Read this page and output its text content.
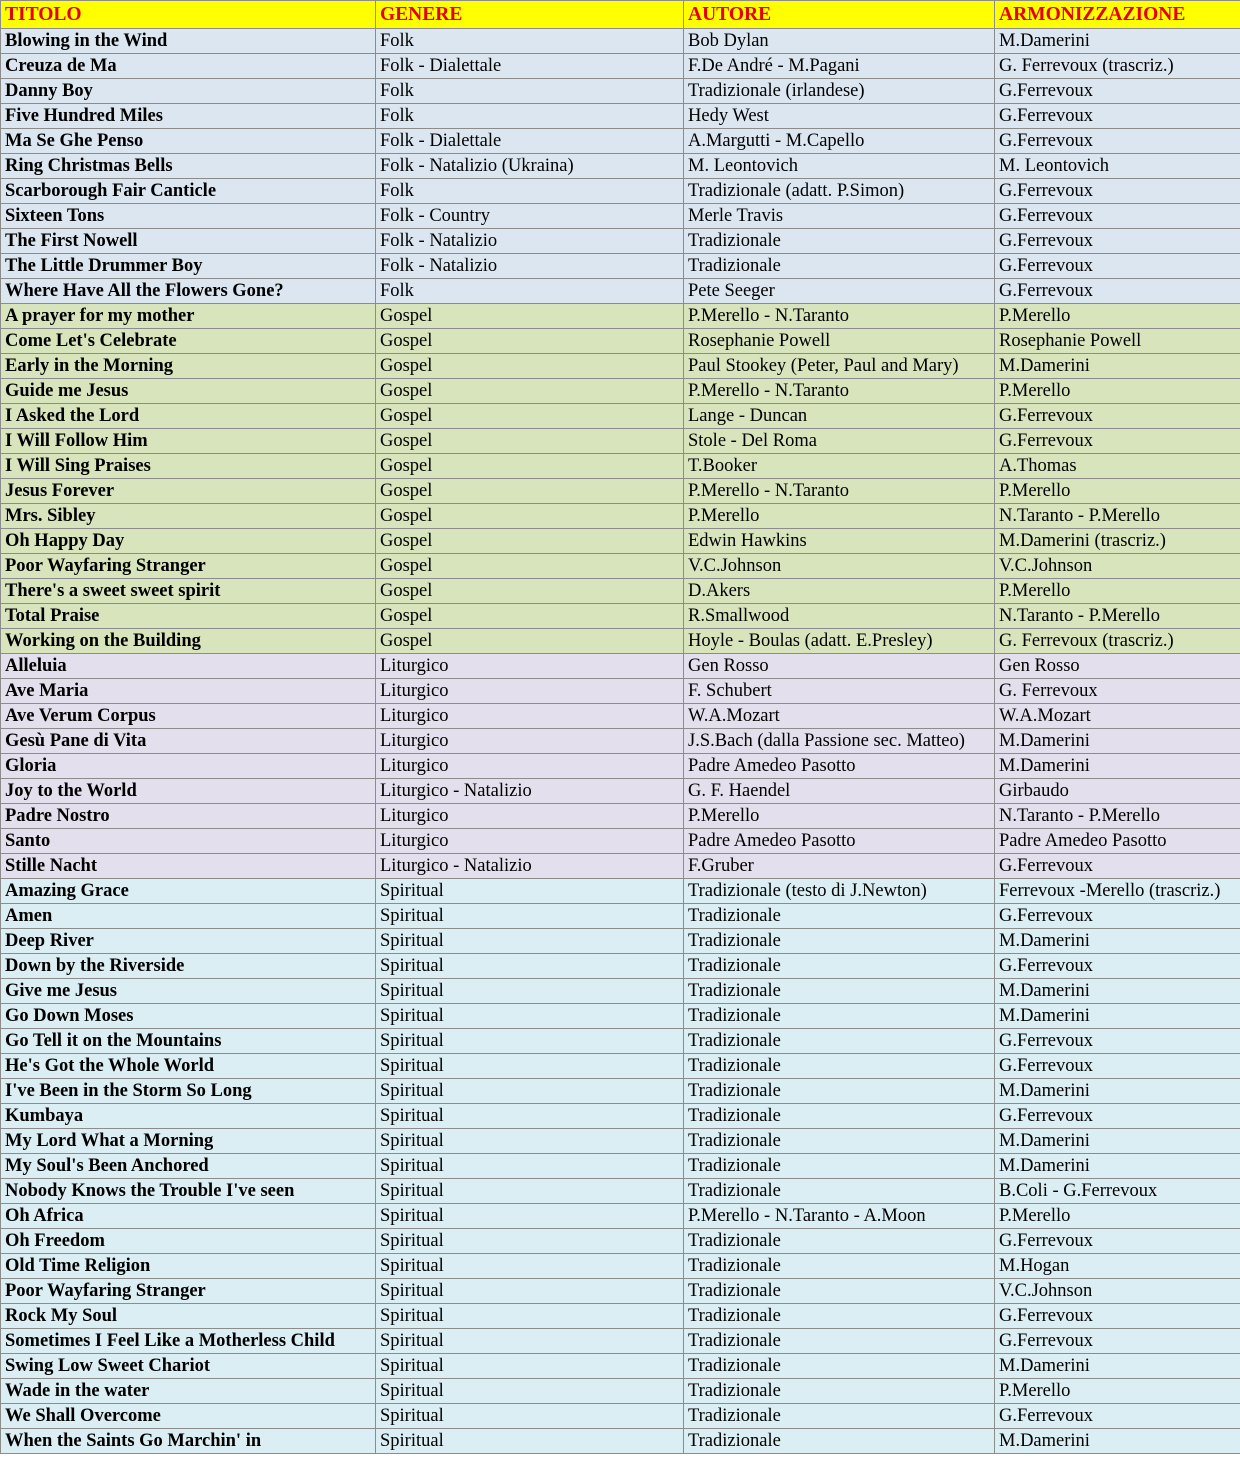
TITOLO	GENERE	AUTORE	ARMONIZZAZIONE
Blowing in the Wind	Folk	Bob Dylan	M.Damerini
Creuza de Ma	Folk - Dialettale	F.De André - M.Pagani	G. Ferrevoux (trascriz.)
Danny Boy	Folk	Tradizionale (irlandese)	G.Ferrevoux
Five Hundred Miles	Folk	Hedy West	G.Ferrevoux
Ma Se Ghe Penso	Folk - Dialettale	A.Margutti - M.Capello	G.Ferrevoux
Ring Christmas Bells	Folk - Natalizio (Ukraina)	M. Leontovich	M. Leontovich
Scarborough Fair Canticle	Folk	Tradizionale (adatt. P.Simon)	G.Ferrevoux
Sixteen Tons	Folk - Country	Merle Travis	G.Ferrevoux
The First Nowell	Folk - Natalizio	Tradizionale	G.Ferrevoux
The Little Drummer Boy	Folk - Natalizio	Tradizionale	G.Ferrevoux
Where Have All the Flowers Gone?	Folk	Pete Seeger	G.Ferrevoux
A prayer for my mother	Gospel	P.Merello - N.Taranto	P.Merello
Come Let's Celebrate	Gospel	Rosephanie Powell	Rosephanie Powell
Early in the Morning	Gospel	Paul Stookey (Peter, Paul and Mary)	M.Damerini
Guide me Jesus	Gospel	P.Merello - N.Taranto	P.Merello
I Asked the Lord	Gospel	Lange - Duncan	G.Ferrevoux
I Will Follow Him	Gospel	Stole - Del Roma	G.Ferrevoux
I Will Sing Praises	Gospel	T.Booker	A.Thomas
Jesus Forever	Gospel	P.Merello - N.Taranto	P.Merello
Mrs. Sibley	Gospel	P.Merello	N.Taranto - P.Merello
Oh Happy Day	Gospel	Edwin Hawkins	M.Damerini (trascriz.)
Poor Wayfaring Stranger	Gospel	V.C.Johnson	V.C.Johnson
There's a sweet sweet spirit	Gospel	D.Akers	P.Merello
Total Praise	Gospel	R.Smallwood	N.Taranto - P.Merello
Working on the Building	Gospel	Hoyle - Boulas (adatt. E.Presley)	G. Ferrevoux (trascriz.)
Alleluia	Liturgico	Gen Rosso	Gen Rosso
Ave Maria	Liturgico	F. Schubert	G. Ferrevoux
Ave Verum Corpus	Liturgico	W.A.Mozart	W.A.Mozart
Gesù Pane di Vita	Liturgico	J.S.Bach (dalla Passione sec. Matteo)	M.Damerini
Gloria	Liturgico	Padre Amedeo Pasotto	M.Damerini
Joy to the World	Liturgico - Natalizio	G. F. Haendel	Girbaudo
Padre Nostro	Liturgico	P.Merello	N.Taranto - P.Merello
Santo	Liturgico	Padre Amedeo Pasotto	Padre Amedeo Pasotto
Stille Nacht	Liturgico - Natalizio	F.Gruber	G.Ferrevoux
Amazing Grace	Spiritual	Tradizionale (testo di J.Newton)	Ferrevoux -Merello (trascriz.)
Amen	Spiritual	Tradizionale	G.Ferrevoux
Deep River	Spiritual	Tradizionale	M.Damerini
Down by the Riverside	Spiritual	Tradizionale	G.Ferrevoux
Give me Jesus	Spiritual	Tradizionale	M.Damerini
Go Down Moses	Spiritual	Tradizionale	M.Damerini
Go Tell it on the Mountains	Spiritual	Tradizionale	G.Ferrevoux
He's Got the Whole World	Spiritual	Tradizionale	G.Ferrevoux
I've Been in the Storm So Long	Spiritual	Tradizionale	M.Damerini
Kumbaya	Spiritual	Tradizionale	G.Ferrevoux
My Lord What a Morning	Spiritual	Tradizionale	M.Damerini
My Soul's Been Anchored	Spiritual	Tradizionale	M.Damerini
Nobody Knows the Trouble I've seen	Spiritual	Tradizionale	B.Coli - G.Ferrevoux
Oh Africa	Spiritual	P.Merello - N.Taranto - A.Moon	P.Merello
Oh Freedom	Spiritual	Tradizionale	G.Ferrevoux
Old Time Religion	Spiritual	Tradizionale	M.Hogan
Poor Wayfaring Stranger	Spiritual	Tradizionale	V.C.Johnson
Rock My Soul	Spiritual	Tradizionale	G.Ferrevoux
Sometimes I Feel Like a Motherless Child	Spiritual	Tradizionale	G.Ferrevoux
Swing Low Sweet Chariot	Spiritual	Tradizionale	M.Damerini
Wade in the water	Spiritual	Tradizionale	P.Merello
We Shall Overcome	Spiritual	Tradizionale	G.Ferrevoux
When the Saints Go Marchin' in	Spiritual	Tradizionale	M.Damerini
